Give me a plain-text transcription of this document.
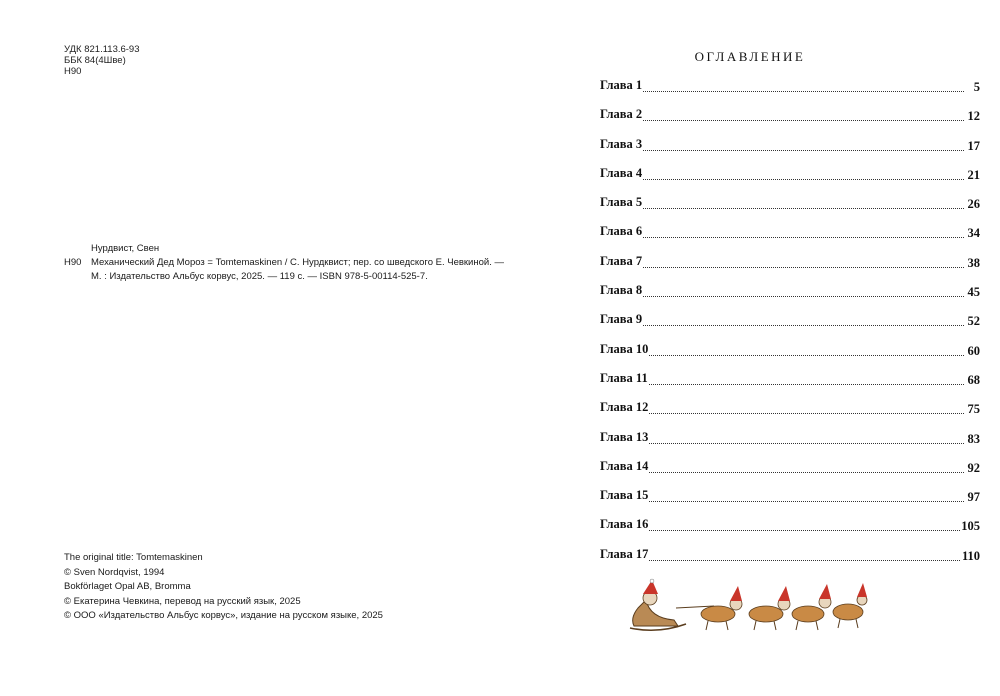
УДК 821.113.6-93
ББК 84(4Шве)
Н90
Нурдвист, Свен
Н90 Механический Дед Мороз = Tomtemaskinen / С. Нурдквист; пер. со шведского Е. Чевкиной. —
М. : Издательство Альбус корвус, 2025. — 119 с. — ISBN 978-5-00114-525-7.
The original title: Tomtemaskinen
© Sven Nordqvist, 1994
Bokförlaget Opal AB, Bromma
© Екатерина Чевкина, перевод на русский язык, 2025
© ООО «Издательство Альбус корвус», издание на русском языке, 2025
ОГЛАВЛЕНИЕ
Глава 1	5
Глава 2	12
Глава 3	17
Глава 4	21
Глава 5	26
Глава 6	34
Глава 7	38
Глава 8	45
Глава 9	52
Глава 10	60
Глава 11	68
Глава 12	75
Глава 13	83
Глава 14	92
Глава 15	97
Глава 16	105
Глава 17	110
